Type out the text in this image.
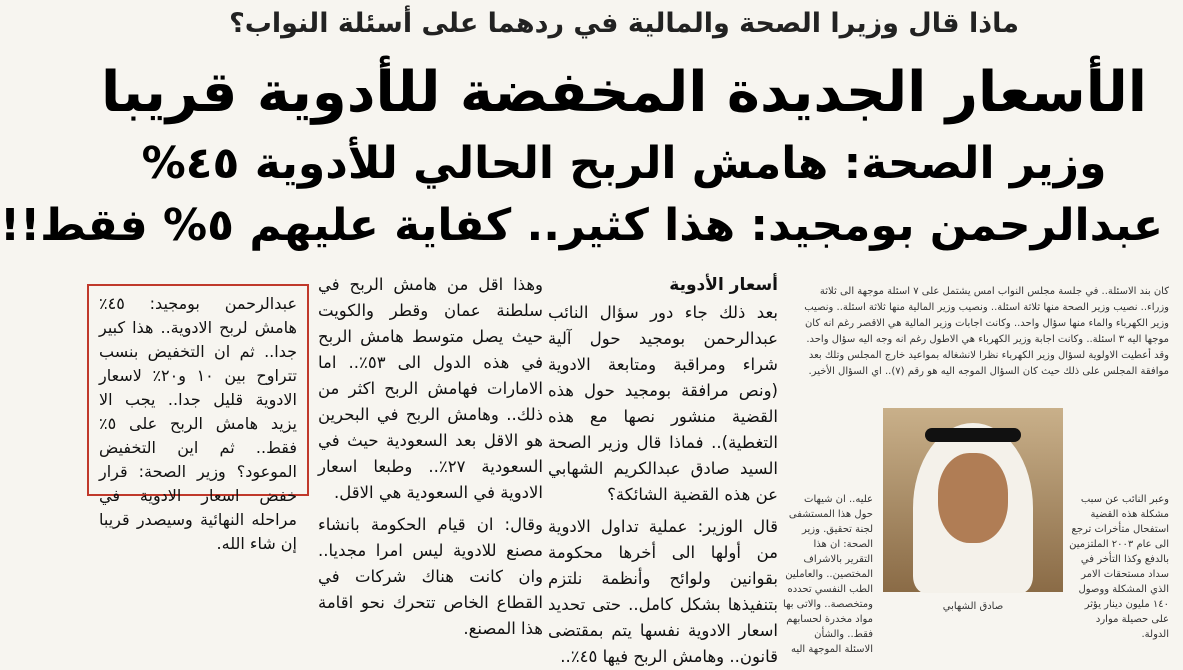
ماذا قال وزيرا الصحة والمالية في ردهما على أسئلة النواب؟
الأسعار الجديدة المخفضة للأدوية قريبا
وزير الصحة: هامش الربح الحالي للأدوية ٤٥%
عبدالرحمن بومجيد: هذا كثير.. كفاية عليهم ٥% فقط!!
كان بند الاسئلة.. في جلسة مجلس النواب امس يشتمل على ٧ اسئلة موجهة الى ثلاثة وزراء.. نصيب وزير الصحة منها ثلاثة اسئلة.. ونصيب وزير المالية منها ثلاثة اسئلة.. ونصيب وزير الكهرباء والماء منها سؤال واحد.. وكانت اجابات وزير المالية هي الاقصر رغم انه كان موجها اليه ٣ اسئلة.. وكانت اجابة وزير الكهرباء هي الاطول رغم انه وجه اليه سؤال واحد. وقد أعطيت الاولوية لسؤال وزير الكهرباء نظرا لانشغاله بمواعيد خارج المجلس وتلك بعد موافقة المجلس على ذلك حيث كان السؤال الموجه اليه هو رقم (٧).. اي السؤال الأخير.
صادق الشهابي
وعبر النائب عن سبب مشكلة هذه القضية استفحال متأخرات ترجع الى عام ٢٠٠٣ الملتزمين بالدفع وكذا التأخر في سداد مستحقات الامر الذي المشكلة ووصول ١٤٠ مليون دينار يؤثر على حصيلة موارد الدولة.
عليه.. ان شيهات حول هذا المستشفى لجنة تحقيق. وزير الصحة: ان هذا التقرير بالاشراف المختصين.. والعاملين الطب النفسي تحدده ومتخصصة.. والاتى بها مواد مخدرة لحسابهم فقط.. والشأن الاسئلة الموجهة اليه
أسعار الأدوية

بعد ذلك جاء دور سؤال النائب عبدالرحمن بومجيد حول آلية شراء ومراقبة ومتابعة الادوية (ونص مرافقة بومجيد حول هذه القضية منشور نصها مع هذه التغطية).. فماذا قال وزير الصحة السيد صادق عبدالكريم الشهابي عن هذه القضية الشائكة؟

قال الوزير: عملية تداول الادوية من أولها الى أخرها محكومة بقوانين ولوائح وأنظمة نلتزم بتنفيذها بشكل كامل.. حتى تحديد اسعار الادوية نفسها يتم بمقتضى قانون.. وهامش الربح فيها ٤٥٪..

وهذا اقل من هامش الربح في سلطنة عمان وقطر والكويت حيث يصل متوسط هامش الربح في هذه الدول الى ٥٣٪.. اما الامارات فهامش الربح اكثر من ذلك.. وهامش الربح في البحرين هو الاقل بعد السعودية حيث في السعودية ٢٧٪.. وطبعا اسعار الادوية في السعودية هي الاقل.

وقال: ان قيام الحكومة بانشاء مصنع للادوية ليس امرا مجديا.. وان كانت هناك شركات في القطاع الخاص تتحرك نحو اقامة هذا المصنع.

عبدالرحمن بومجيد: ٤٥٪ هامش لربح الادوية.. هذا كبير جدا.. ثم ان التخفيض بنسب تتراوح بين ١٠ و٢٠٪ لاسعار الادوية قليل جدا.. يجب الا يزيد هامش الربح على ٥٪ فقط.. ثم اين التخفيض الموعود؟ وزير الصحة: قرار خفض اسعار الادوية في مراحله النهائية وسيصدر قريبا إن شاء الله.
